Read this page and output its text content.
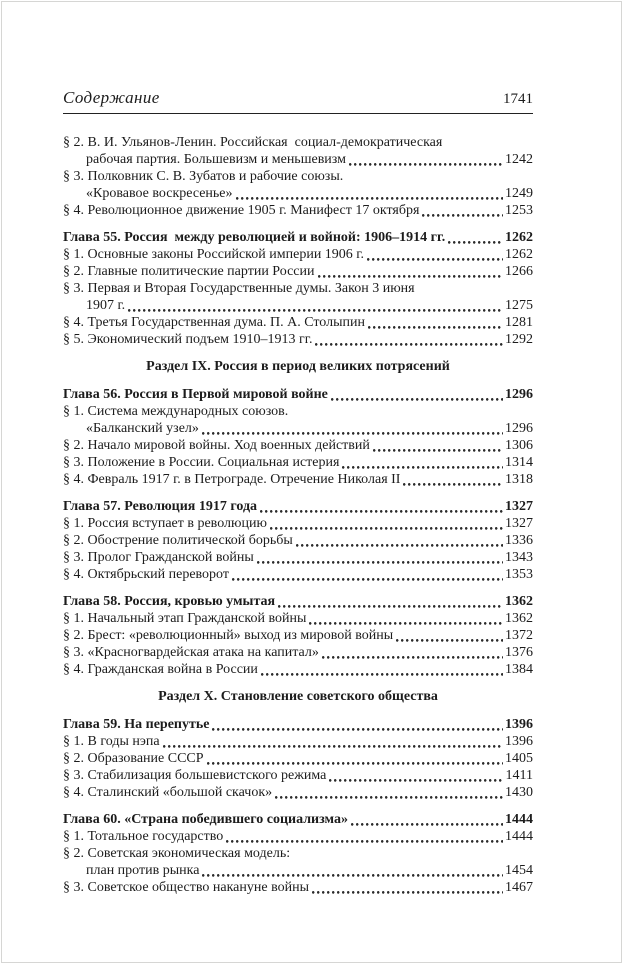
Содержание	1741
§ 2. В. И. Ульянов-Ленин. Российская  социал-демократическая
рабочая партия. Большевизм и меньшевизм	1242
§ 3. Полковник С. В. Зубатов и рабочие союзы.
«Кровавое воскресенье»	1249
§ 4. Революционное движение 1905 г. Манифест 17 октября	1253
Глава 55. Россия  между революцией и войной: 1906–1914 гг.	1262
§ 1. Основные законы Российской империи 1906 г.	1262
§ 2. Главные политические партии России	1266
§ 3. Первая и Вторая Государственные думы. Закон 3 июня
1907 г.	1275
§ 4. Третья Государственная дума. П. А. Столыпин	1281
§ 5. Экономический подъем 1910–1913 гг.	1292
Раздел IX. Россия в период великих потрясений
Глава 56. Россия в Первой мировой войне	1296
§ 1. Система международных союзов.
«Балканский узел»	1296
§ 2. Начало мировой войны. Ход военных действий	1306
§ 3. Положение в России. Социальная истерия	1314
§ 4. Февраль 1917 г. в Петрограде. Отречение Николая II	1318
Глава 57. Революция 1917 года	1327
§ 1. Россия вступает в революцию	1327
§ 2. Обострение политической борьбы	1336
§ 3. Пролог Гражданской войны	1343
§ 4. Октябрьский переворот	1353
Глава 58. Россия, кровью умытая	1362
§ 1. Начальный этап Гражданской войны	1362
§ 2. Брест: «революционный» выход из мировой войны	1372
§ 3. «Красногвардейская атака на капитал»	1376
§ 4. Гражданская война в России	1384
Раздел X. Становление советского общества
Глава 59. На перепутье	1396
§ 1. В годы нэпа	1396
§ 2. Образование СССР	1405
§ 3. Стабилизация большевистского режима	1411
§ 4. Сталинский «большой скачок»	1430
Глава 60. «Страна победившего социализма»	1444
§ 1. Тотальное государство	1444
§ 2. Советская экономическая модель:
план против рынка	1454
§ 3. Советское общество накануне войны	1467
